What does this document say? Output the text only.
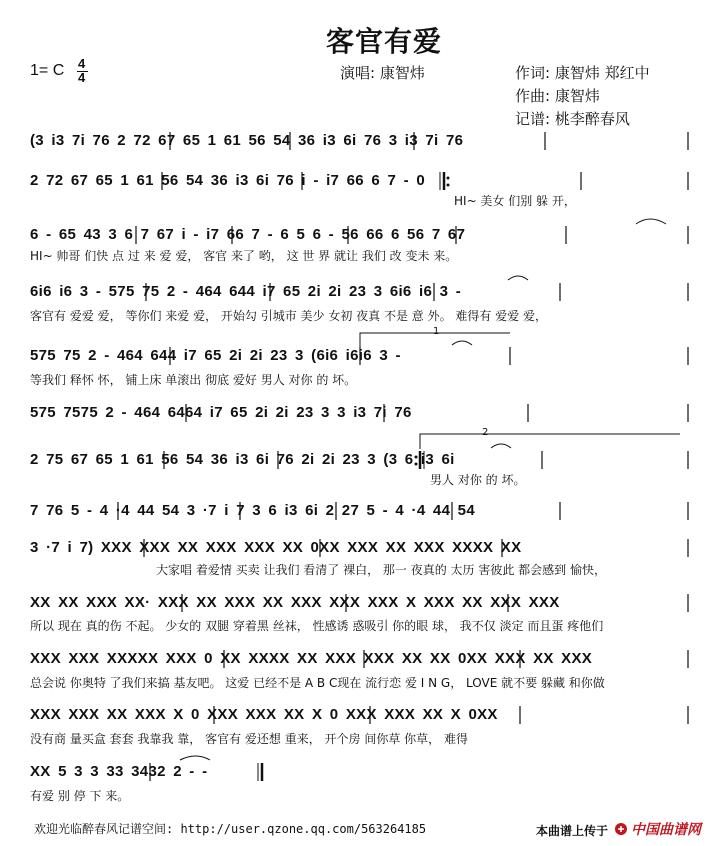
客官有爱
1= C 4
4	演唱: 康智炜	作词: 康智炜 郑红中
作曲: 康智炜
记谱: 桃李醉春风
1
2
(3 i3 7i 76 2 72 67 65 1 61 56 54 36 i3 6i 76 3 i3 7i 76
2 72 67 65 1 61 56 54 36 i3 6i 76 i - i7 66 6 7 - 0
HI~ 美女 们别 躲 开，
6 - 65 43 3 6 7 67 i - i7 66 7 - 6 5 6 - 56 66 6 56 7 67
HI~ 帅哥 们快 点 过 来 爱 爱， 客官 来了 哟， 这 世 界 就让 我们 改 变未 来。
6i6 i6 3 - 575 75 2 - 464 644 i7 65 2i 2i 23 3 6i6 i6 3 -
客官有 爱爱 爱， 等你们 来爱 爱， 开始勾 引城市 美少 女初 夜真 不是 意 外。 难得有 爱爱 爱，
575 75 2 - 464 644 i7 65 2i 2i 23 3 (6i6 i6i6 3 -
等我们 释怀 怀， 铺上床 单滚出 彻底 爱好 男人 对你 的 坏。
575 7575 2 - 464 6464 i7 65 2i 2i 23 3 3 i3 7i 76
2 75 67 65 1 61 56 54 36 i3 6i 76 2i 2i 23 3 (3 6 i3 6i
男人 对你 的 坏。
7 76 5 - 4 ·4 44 54 3 ·7 i 7 3 6 i3 6i 2 27 5 - 4 ·4 44 54
3 ·7 i 7) XXX XXX XX XXX XXX XX 0XX XXX XX XXX XXXX XX
大家唱 着爱情 买卖 让我们 看清了 裸白， 那一 夜真的 太历 害彼此 都会感到 愉快，
XX XX XXX XX· XXX XX XXX XX XXX XXX XXX X XXX XX XXX XXX
所以 现在 真的伤 不起。 少女的 双腿 穿着黑 丝袜， 性感诱 惑吸引 你的眼 球， 我不仅 淡定 而且蛋 疼他们
XXX XXX XXXXX XXX 0 XX XXXX XX XXX XXX XX XX 0XX XXX XX XXX
总会说 你奥特 了我们来搞 基友吧。 这爱 已经不是 A B C现在 流行恋 爱 I N G， LOVE 就不要 躲藏 和你做
XXX XXX XX XXX X 0 XXX XXX XX X 0 XXX XXX XX X 0XX
没有商 量买盒 套套 我靠我 靠， 客官有 爱还想 重来， 开个房 间你草 你草， 难得
XX 5 3 3 33 3432 2 - -
有爱 别 停 下 来。
欢迎光临醉春风记谱空间: http://user.qzone.qq.com/563264185	本曲谱上传于	中国曲谱网
